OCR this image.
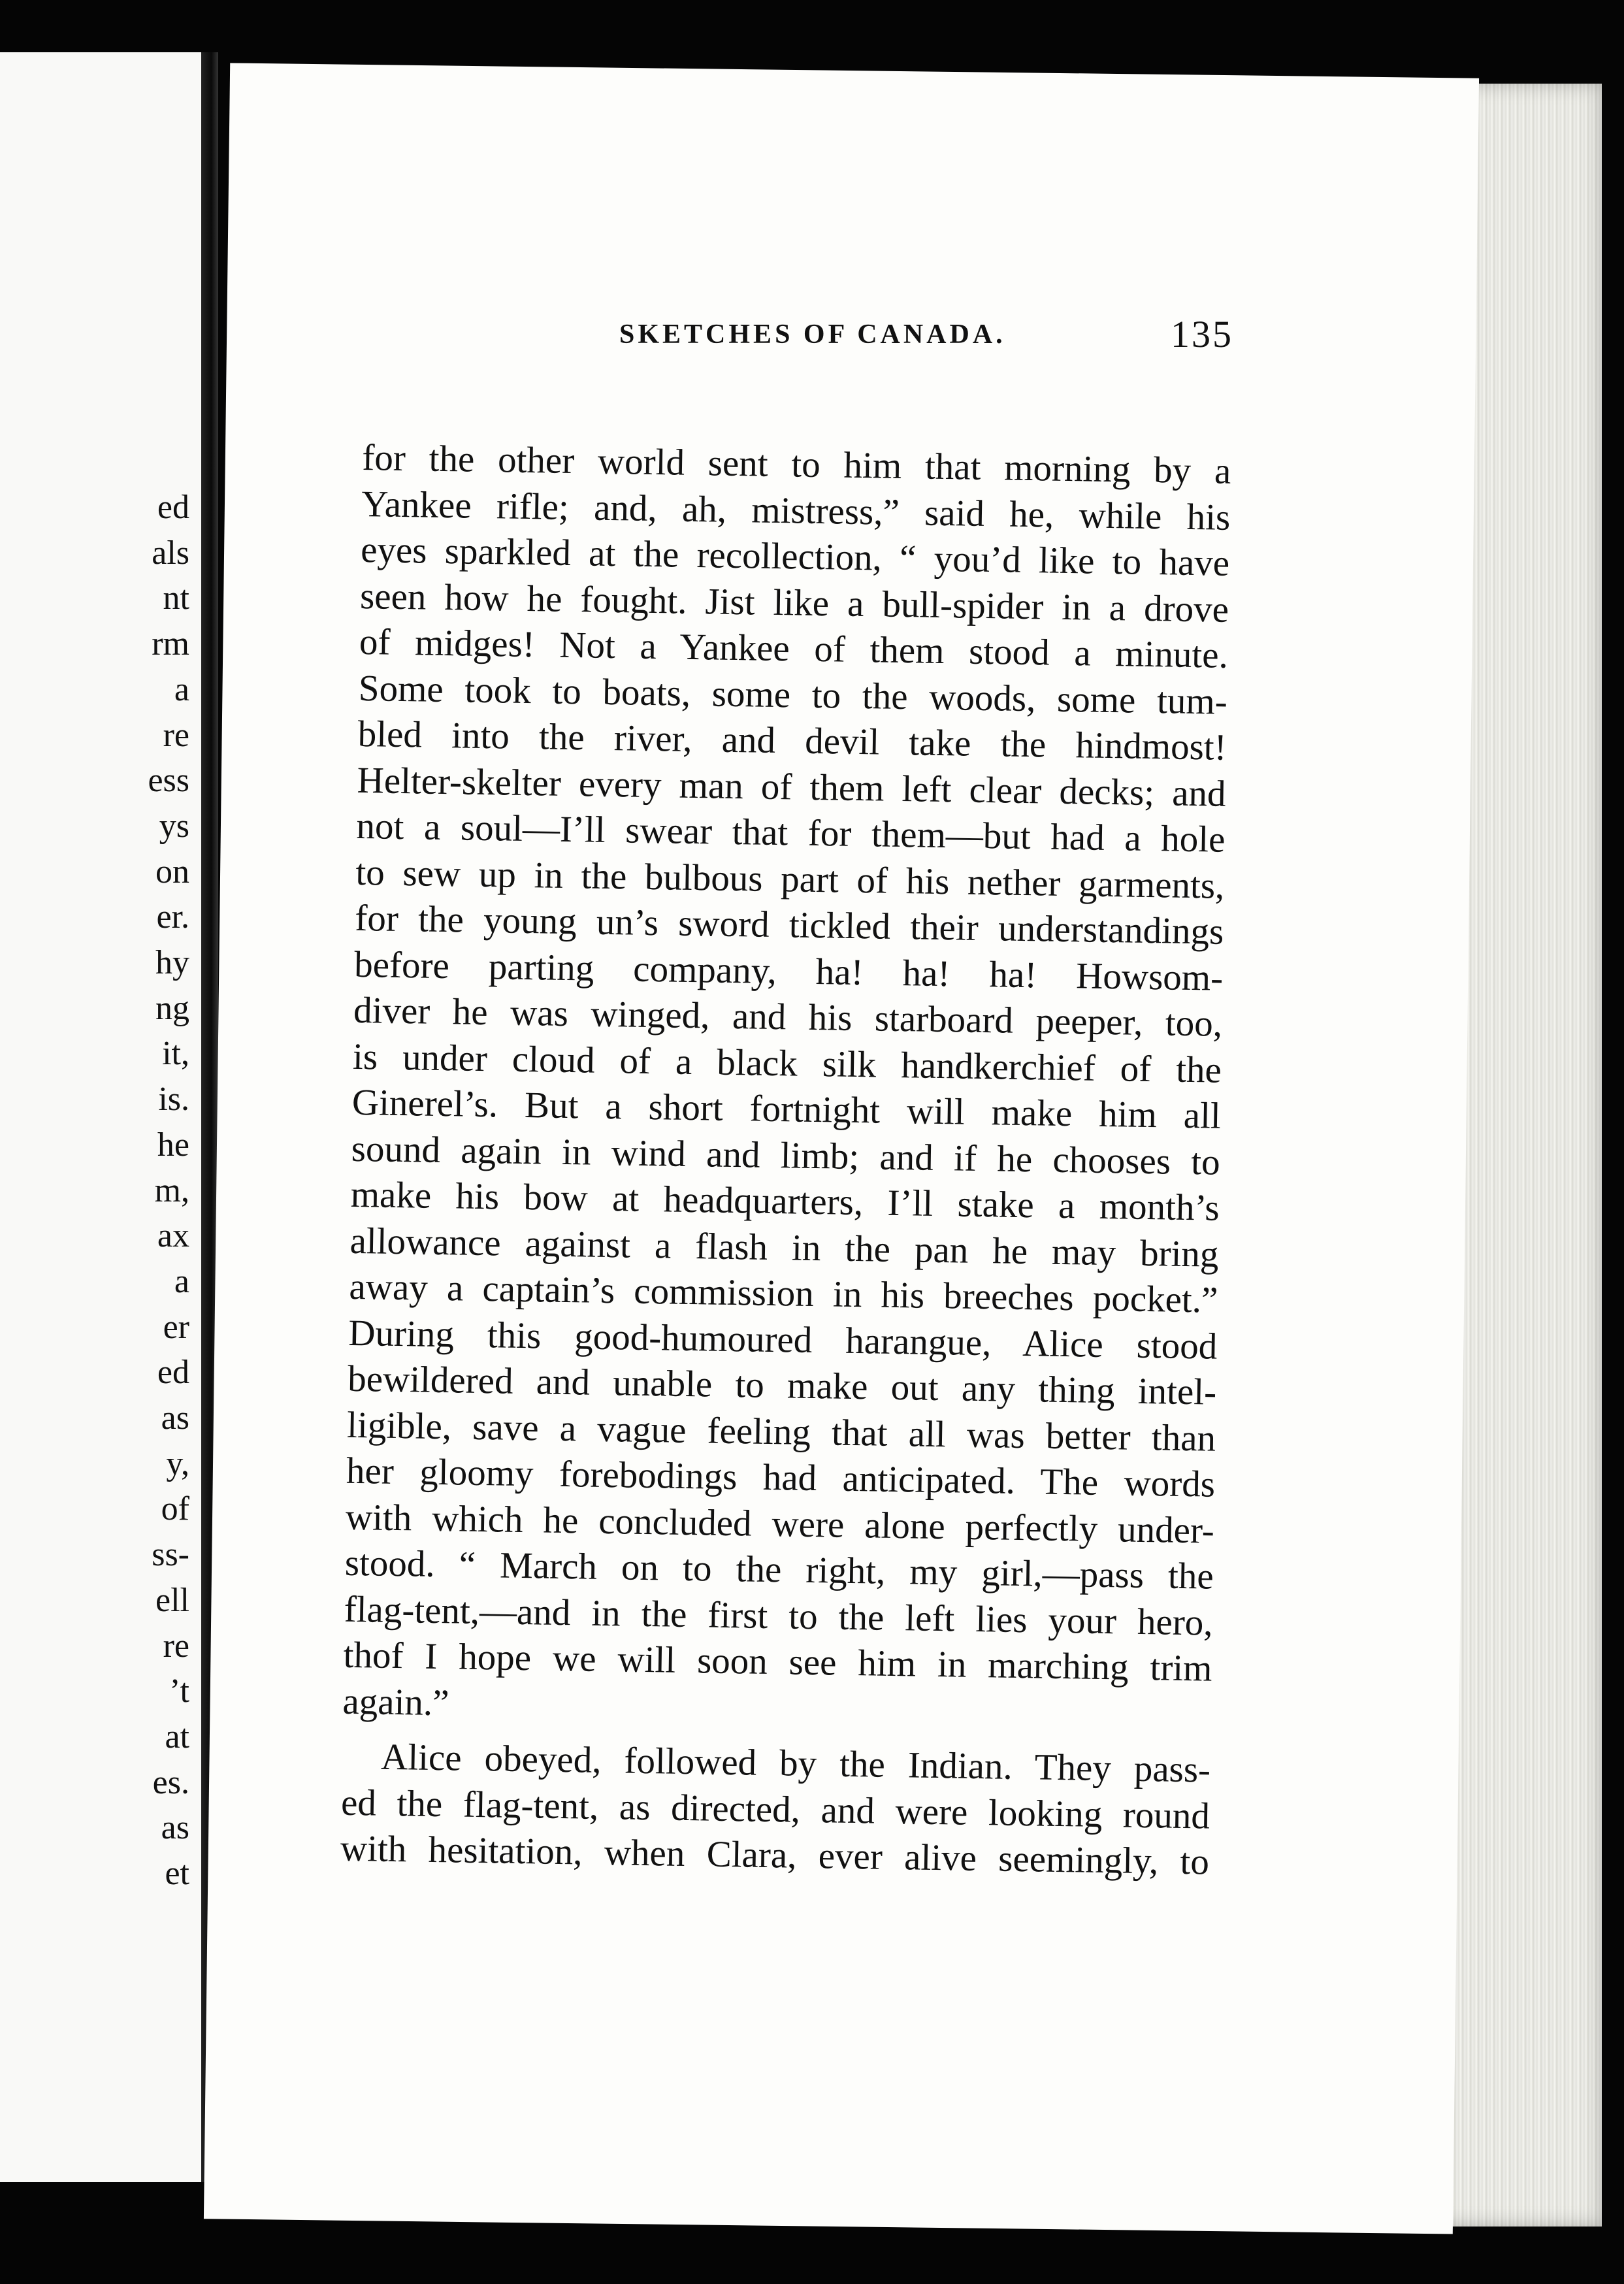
ed
als
nt
rm
a
re
ess
ys
on
er.
hy
ng
it,
is.
he
m,
ax
a
er
ed
as
y,
of
ss-
ell
re
’t
at
es.
as
et
SKETCHES OF CANADA.	135
for the other world sent to him that morning by a
Yankee rifle; and, ah, mistress,” said he, while his
eyes sparkled at the recollection, “ you’d like to have
seen how he fought. Jist like a bull-spider in a drove
of midges! Not a Yankee of them stood a minute.
Some took to boats, some to the woods, some tum-
bled into the river, and devil take the hindmost!
Helter-skelter every man of them left clear decks; and
not a soul—I’ll swear that for them—but had a hole
to sew up in the bulbous part of his nether garments,
for the young un’s sword tickled their understandings
before parting company, ha! ha! ha! Howsom-
diver he was winged, and his starboard peeper, too,
is under cloud of a black silk handkerchief of the
Ginerel’s. But a short fortnight will make him all
sound again in wind and limb; and if he chooses to
make his bow at headquarters, I’ll stake a month’s
allowance against a flash in the pan he may bring
away a captain’s commission in his breeches pocket.”
During this good-humoured harangue, Alice stood
bewildered and unable to make out any thing intel-
ligible, save a vague feeling that all was better than
her gloomy forebodings had anticipated. The words
with which he concluded were alone perfectly under-
stood. “ March on to the right, my girl,—pass the
flag-tent,—and in the first to the left lies your hero,
thof I hope we will soon see him in marching trim
again.”
Alice obeyed, followed by the Indian. They pass-
ed the flag-tent, as directed, and were looking round
with hesitation, when Clara, ever alive seemingly, to
